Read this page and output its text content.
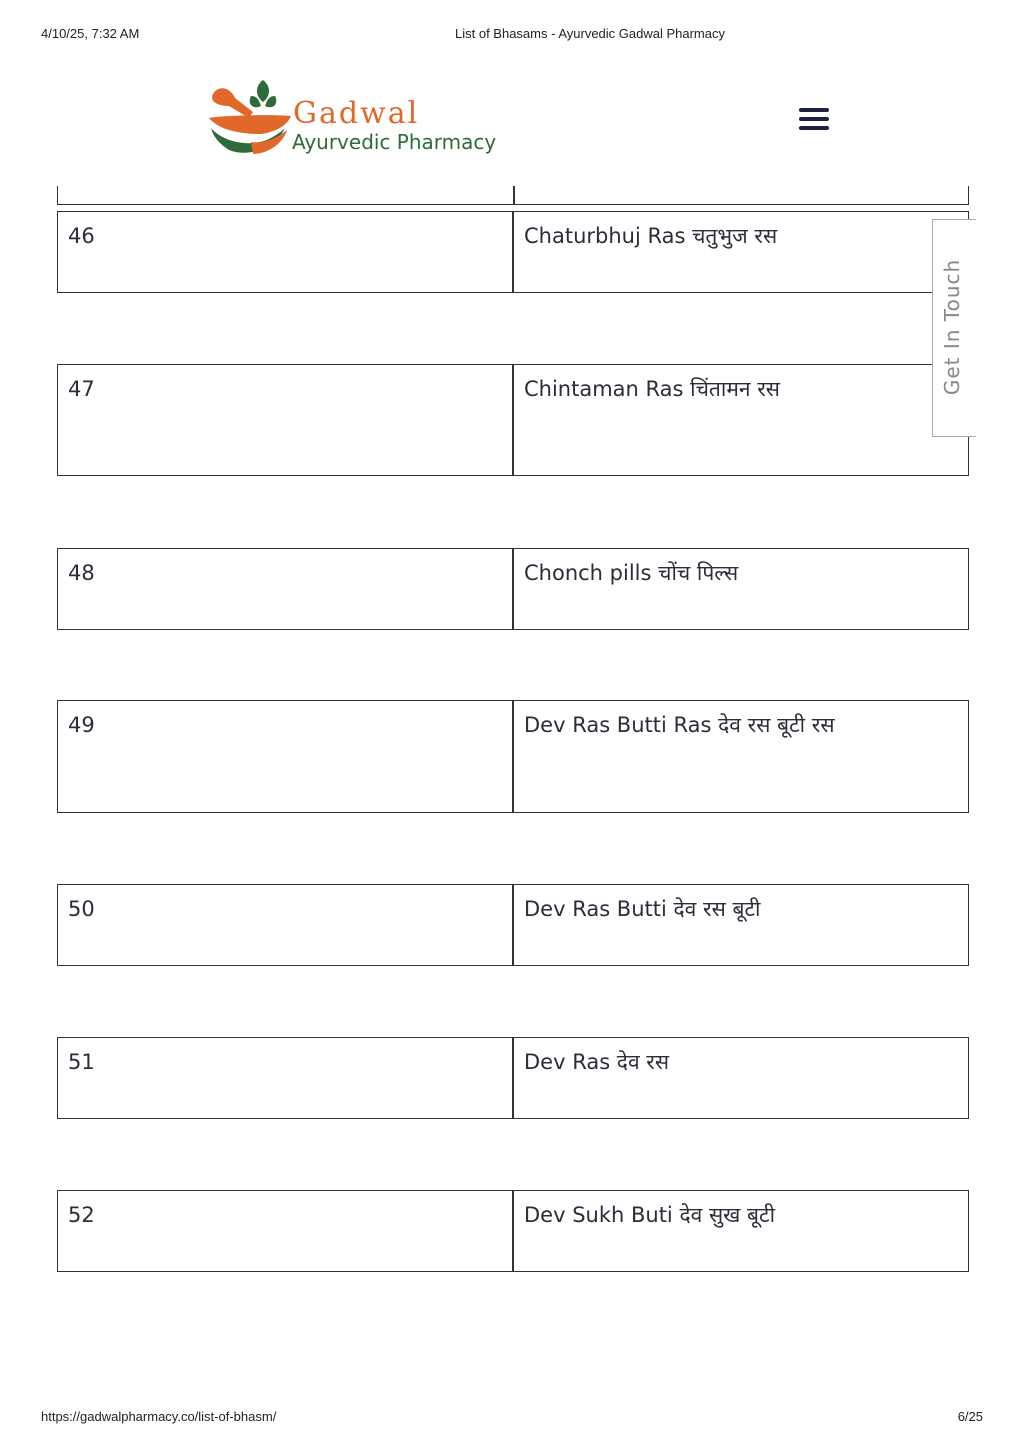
4/10/25, 7:32 AM	List of Bhasams - Ayurvedic Gadwal Pharmacy
Gadwal
Ayurvedic Pharmacy
46	Chaturbhuj Ras चतुभुज रस
47	Chintaman Ras चिंतामन रस
48	Chonch pills चोंच पिल्स
49	Dev Ras Butti Ras देव रस बूटी रस
50	Dev Ras Butti देव रस बूटी
51	Dev Ras देव रस
52	Dev Sukh Buti देव सुख बूटी
Get In Touch
https://gadwalpharmacy.co/list-of-bhasm/	6/25
